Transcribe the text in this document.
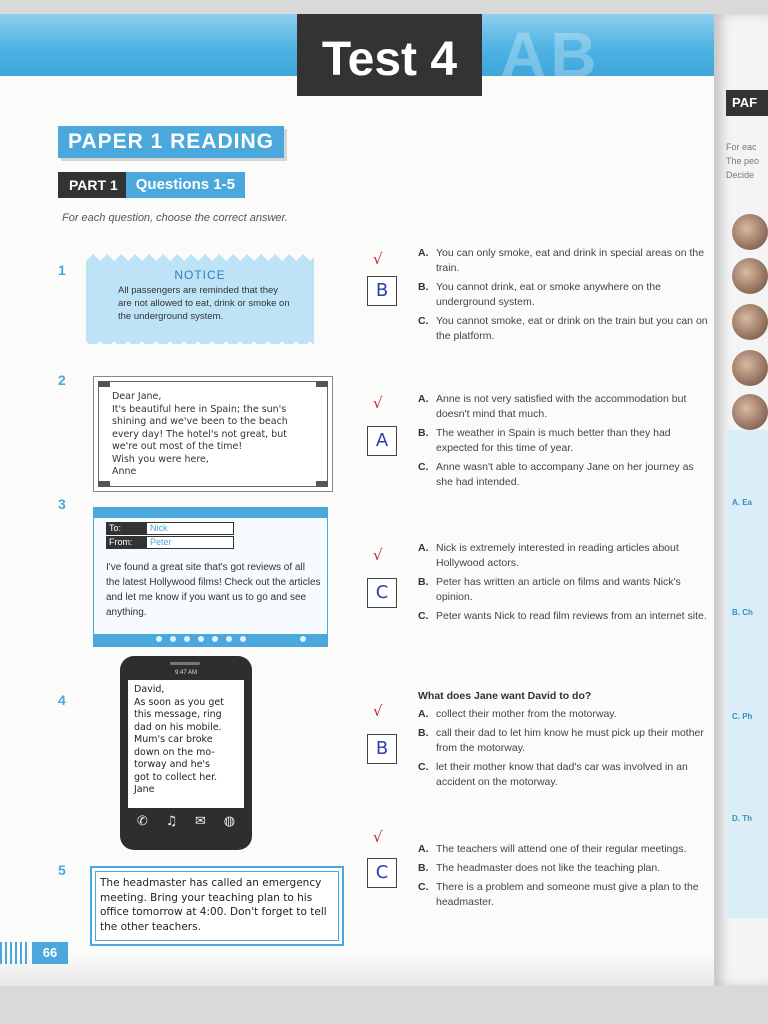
AB
Test 4
PAF
For eac
The peo
Decide
A. Ea
B. Ch
C. Ph
D. Th
PAPER 1 READING
PART 1	Questions 1-5
For each question, choose the correct answer.
1	NOTICE
All passengers are reminded that they are not allowed to eat, drink or smoke on the underground system.
√
B
A. You can only smoke, eat and drink in special areas on the train.
B. You cannot drink, eat or smoke anywhere on the underground system.
C. You cannot smoke, eat or drink on the train but you can on the platform.
2
Dear Jane,
It's beautiful here in Spain; the sun's
shining and we've been to the beach
every day! The hotel's not great, but
we're out most of the time!
Wish you were here,
Anne
√
A
A. Anne is not very satisfied with the accommodation but doesn't mind that much.
B. The weather in Spain is much better than they had expected for this time of year.
C. Anne wasn't able to accompany Jane on her journey as she had intended.
3
To:	Nick
From:	Peter
I've found a great site that's got reviews of all the latest Hollywood films! Check out the articles and let me know if you want us to go and see anything.
√
C
A. Nick is extremely interested in reading articles about Hollywood actors.
B. Peter has written an article on films and wants Nick's opinion.
C. Peter wants Nick to read film reviews from an internet site.
4
9:47 AM
David,
As soon as you get
this message, ring
dad on his mobile.
Mum's car broke
down on the mo-
torway and he's
got to collect her.
Jane
✆ ♫ ✉ ◍
√
B
What does Jane want David to do?
A. collect their mother from the motorway.
B. call their dad to let him know he must pick up their mother from the motorway.
C. let their mother know that dad's car was involved in an accident on the motorway.
5
The headmaster has called an emergency meeting. Bring your teaching plan to his office tomorrow at 4:00. Don't forget to tell the other teachers.
√
C
A. The teachers will attend one of their regular meetings.
B. The headmaster does not like the teaching plan.
C. There is a problem and someone must give a plan to the headmaster.
66
